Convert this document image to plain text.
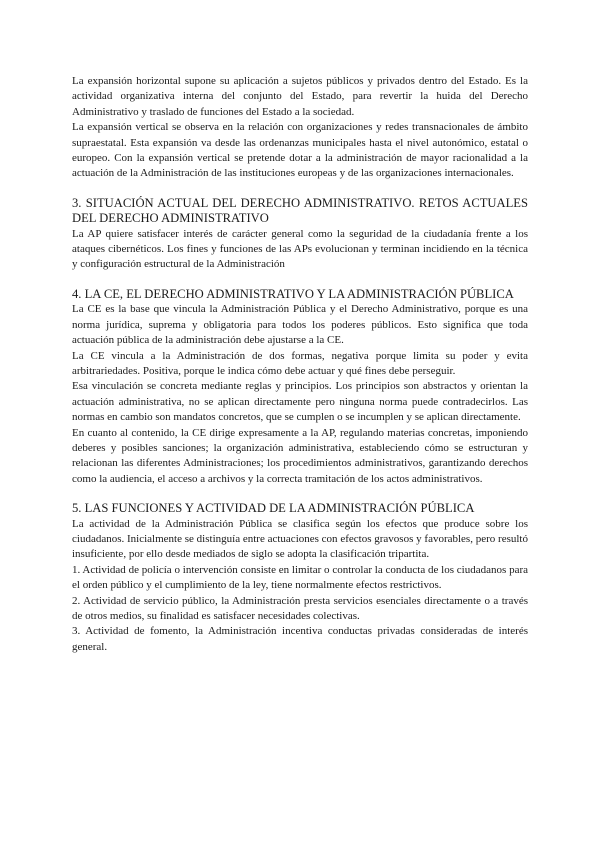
La expansión horizontal supone su aplicación a sujetos públicos y privados dentro del Estado. Es la actividad organizativa interna del conjunto del Estado, para revertir la huida del Derecho Administrativo y traslado de funciones del Estado a la sociedad.

La expansión vertical se observa en la relación con organizaciones y redes transnacionales de ámbito supraestatal. Esta expansión va desde las ordenanzas municipales hasta el nivel autonómico, estatal o europeo. Con la expansión vertical se pretende dotar a la administración de mayor racionalidad a la actuación de la Administración de las instituciones europeas y de las organizaciones internacionales.

3. SITUACIÓN ACTUAL DEL DERECHO ADMINISTRATIVO. RETOS ACTUALES DEL DERECHO ADMINISTRATIVO

La AP quiere satisfacer interés de carácter general como la seguridad de la ciudadanía frente a los ataques cibernéticos. Los fines y funciones de las APs evolucionan y terminan incidiendo en la técnica y configuración estructural de la Administración

4. LA CE, EL DERECHO ADMINISTRATIVO Y LA ADMINISTRACIÓN PÚBLICA

La CE es la base que vincula la Administración Pública y el Derecho Administrativo, porque es una norma jurídica, suprema y obligatoria para todos los poderes públicos. Esto significa que toda actuación pública de la administración debe ajustarse a la CE.

La CE vincula a la Administración de dos formas, negativa porque limita su poder y evita arbitrariedades. Positiva, porque le indica cómo debe actuar y qué fines debe perseguir.

Esa vinculación se concreta mediante reglas y principios. Los principios son abstractos y orientan la actuación administrativa, no se aplican directamente pero ninguna norma puede contradecirlos. Las normas en cambio son mandatos concretos, que se cumplen o se incumplen y se aplican directamente.

En cuanto al contenido, la CE dirige expresamente a la AP, regulando materias concretas, imponiendo deberes y posibles sanciones; la organización administrativa, estableciendo cómo se estructuran y relacionan las diferentes Administraciones; los procedimientos administrativos, garantizando derechos como la audiencia, el acceso a archivos y la correcta tramitación de los actos administrativos.

5. LAS FUNCIONES Y ACTIVIDAD DE LA ADMINISTRACIÓN PÚBLICA

La actividad de la Administración Pública se clasifica según los efectos que produce sobre los ciudadanos. Inicialmente se distinguía entre actuaciones con efectos gravosos y favorables, pero resultó insuficiente, por ello desde mediados de siglo se adopta la clasificación tripartita.

1. Actividad de policía o intervención consiste en limitar o controlar la conducta de los ciudadanos para el orden público y el cumplimiento de la ley, tiene normalmente efectos restrictivos.

2. Actividad de servicio público, la Administración presta servicios esenciales directamente o a través de otros medios, su finalidad es satisfacer necesidades colectivas.

3. Actividad de fomento, la Administración incentiva conductas privadas consideradas de interés general.
